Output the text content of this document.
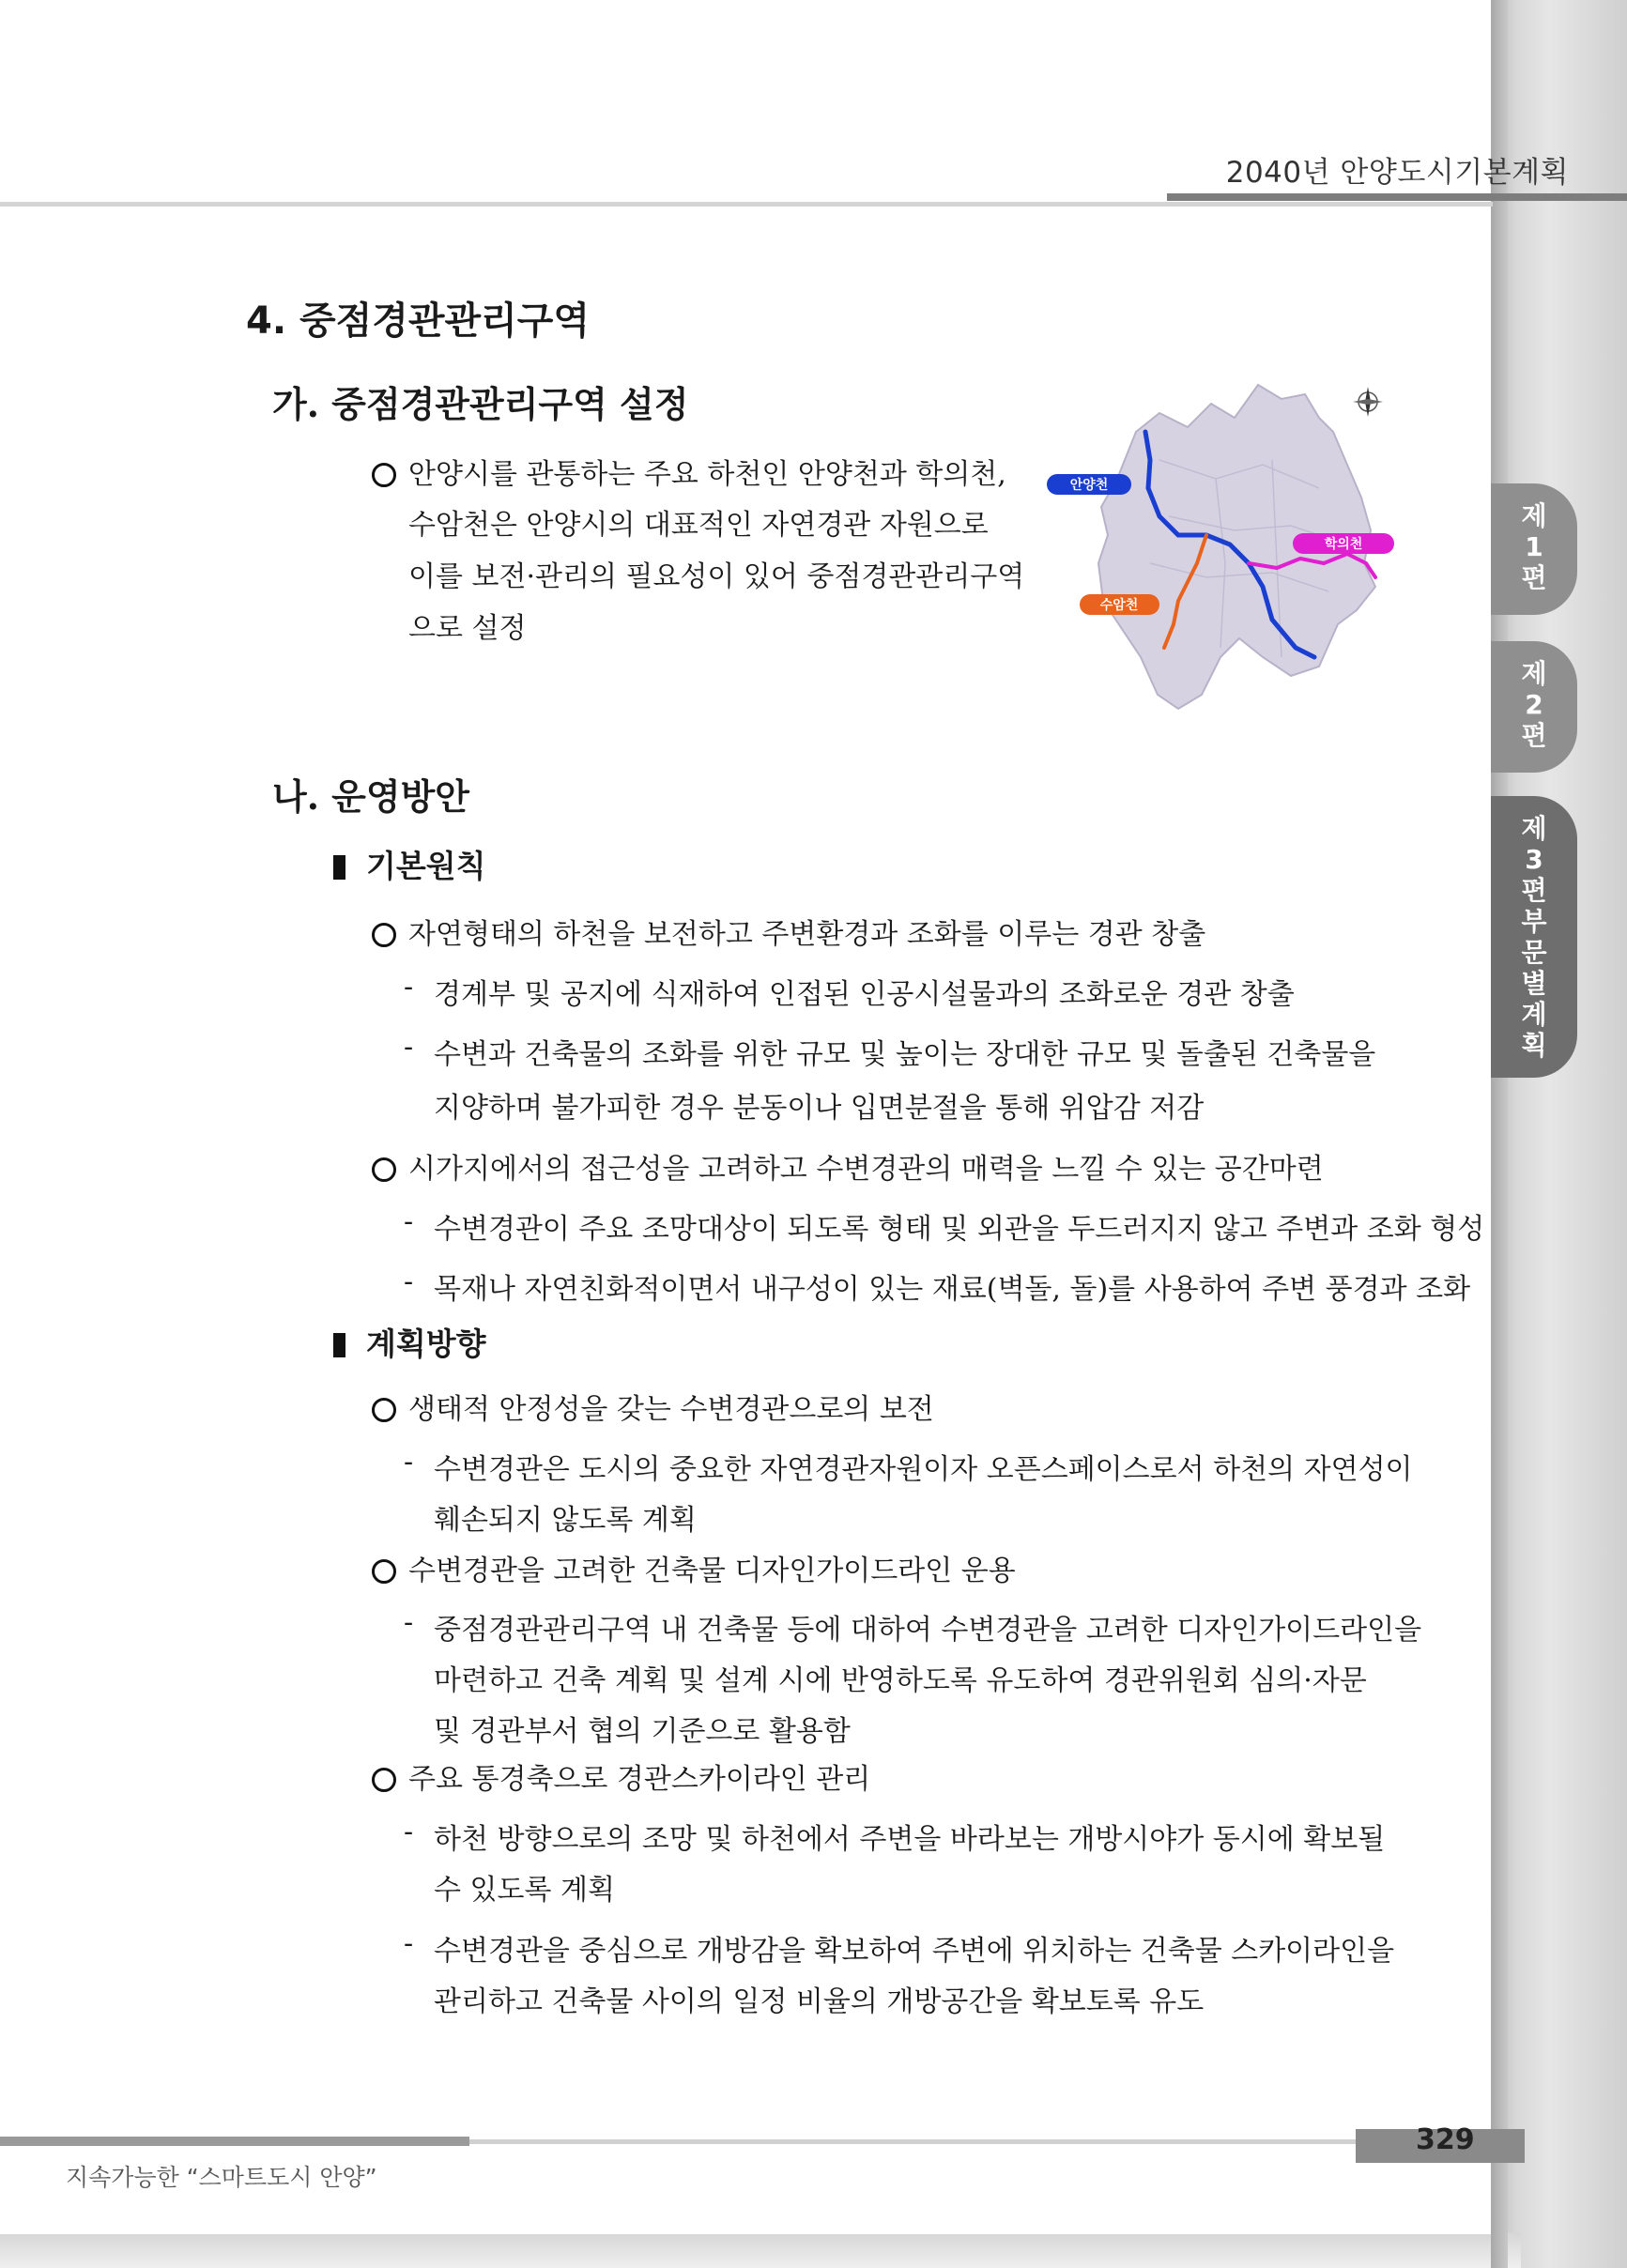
2040년 안양도시기본계획
4. 중점경관관리구역
가. 중점경관관리구역 설정
안양시를 관통하는 주요 하천인 안양천과 학의천,
수암천은 안양시의 대표적인 자연경관 자원으로
이를 보전·관리의 필요성이 있어 중점경관관리구역
으로 설정
안양천
학의천
수암천
나. 운영방안
기본원칙
자연형태의 하천을 보전하고 주변환경과 조화를 이루는 경관 창출
- 경계부 및 공지에 식재하여 인접된 인공시설물과의 조화로운 경관 창출
- 수변과 건축물의 조화를 위한 규모 및 높이는 장대한 규모 및 돌출된 건축물을
지양하며 불가피한 경우 분동이나 입면분절을 통해 위압감 저감
시가지에서의 접근성을 고려하고 수변경관의 매력을 느낄 수 있는 공간마련
- 수변경관이 주요 조망대상이 되도록 형태 및 외관을 두드러지지 않고 주변과 조화 형성
- 목재나 자연친화적이면서 내구성이 있는 재료(벽돌, 돌)를 사용하여 주변 풍경과 조화
계획방향
생태적 안정성을 갖는 수변경관으로의 보전
- 수변경관은 도시의 중요한 자연경관자원이자 오픈스페이스로서 하천의 자연성이
훼손되지 않도록 계획
수변경관을 고려한 건축물 디자인가이드라인 운용
- 중점경관관리구역 내 건축물 등에 대하여 수변경관을 고려한 디자인가이드라인을
마련하고 건축 계획 및 설계 시에 반영하도록 유도하여 경관위원회 심의·자문
및 경관부서 협의 기준으로 활용함
주요 통경축으로 경관스카이라인 관리
- 하천 방향으로의 조망 및 하천에서 주변을 바라보는 개방시야가 동시에 확보될
수 있도록 계획
- 수변경관을 중심으로 개방감을 확보하여 주변에 위치하는 건축물 스카이라인을
관리하고 건축물 사이의 일정 비율의 개방공간을 확보토록 유도
제1편
제2편
제3편 부문별 계획
329
지속가능한 “스마트도시 안양”
